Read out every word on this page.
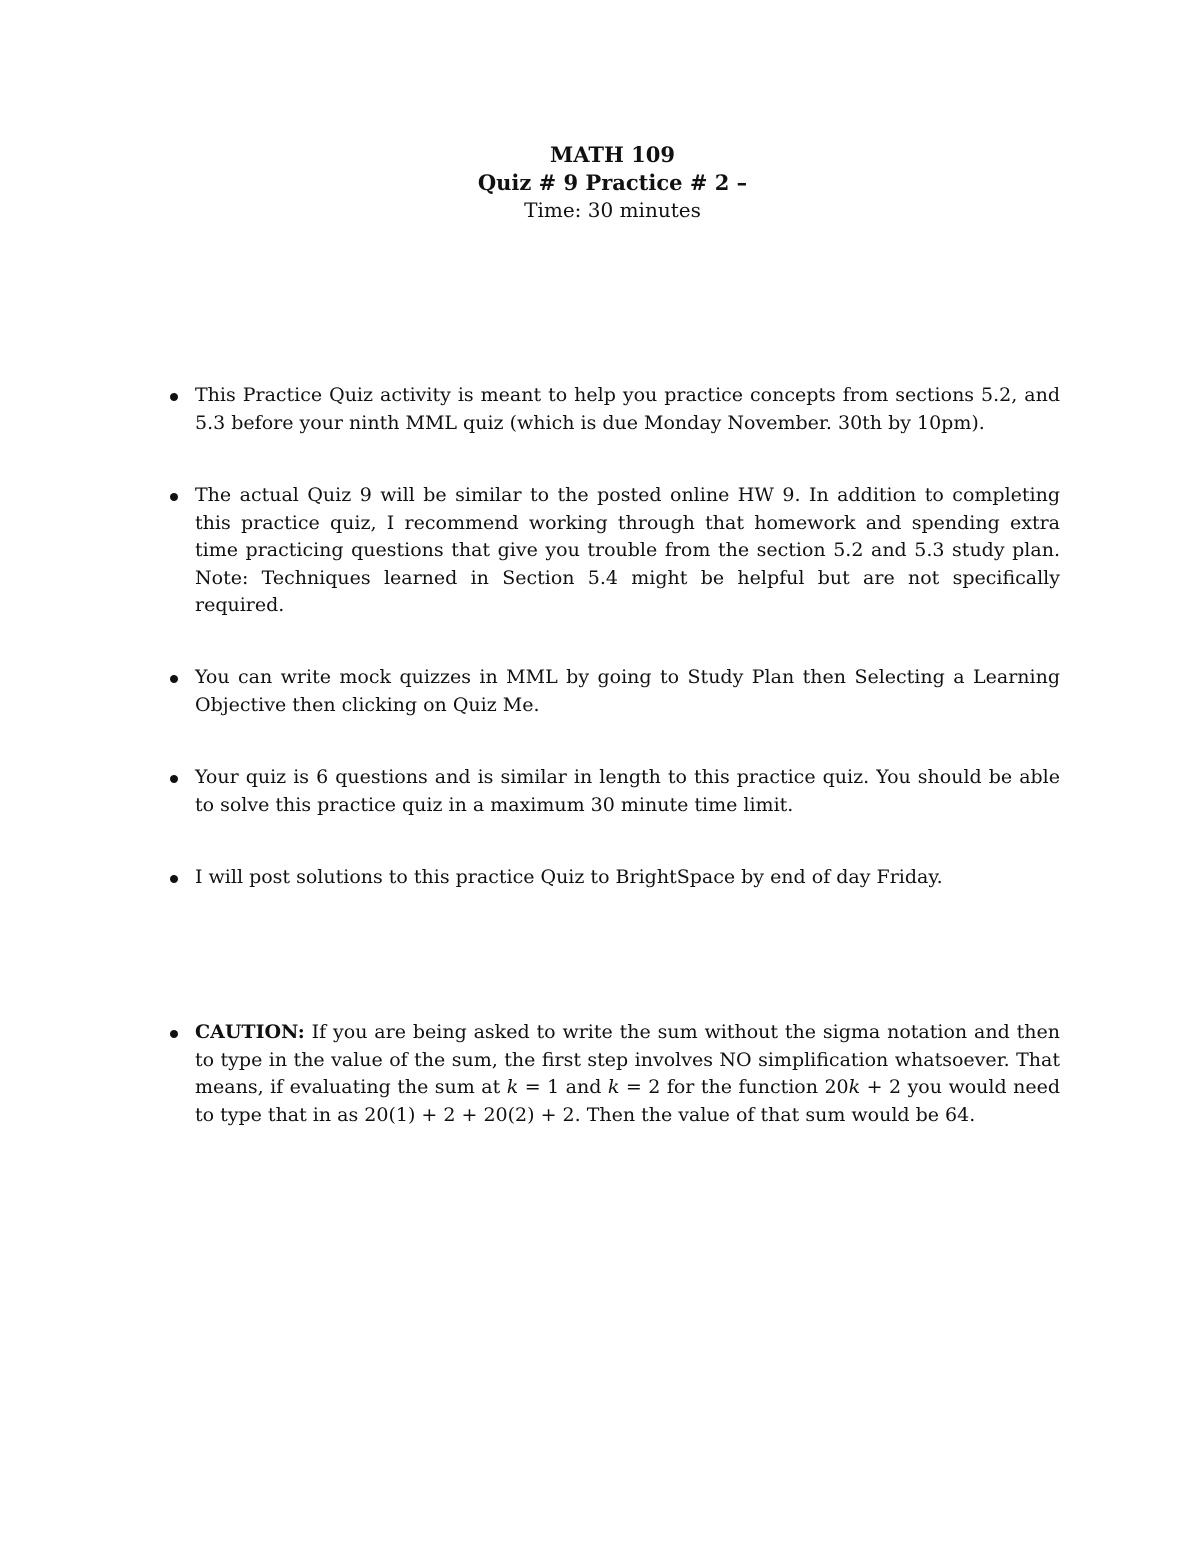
MATH 109

Quiz # 9 Practice # 2 –

Time: 30 minutes

This Practice Quiz activity is meant to help you practice concepts from sections 5.2, and 5.3 before your ninth MML quiz (which is due Monday November. 30th by 10pm).
The actual Quiz 9 will be similar to the posted online HW 9. In addition to completing this practice quiz, I recommend working through that homework and spending extra time practicing questions that give you trouble from the section 5.2 and 5.3 study plan. Note: Techniques learned in Section 5.4 might be helpful but are not specifically required.
You can write mock quizzes in MML by going to Study Plan then Selecting a Learning Objective then clicking on Quiz Me.
Your quiz is 6 questions and is similar in length to this practice quiz. You should be able to solve this practice quiz in a maximum 30 minute time limit.
I will post solutions to this practice Quiz to BrightSpace by end of day Friday.
CAUTION: If you are being asked to write the sum without the sigma notation and then to type in the value of the sum, the first step involves NO simplification whatsoever. That means, if evaluating the sum at k = 1 and k = 2 for the function 20k + 2 you would need to type that in as 20(1) + 2 + 20(2) + 2. Then the value of that sum would be 64.
